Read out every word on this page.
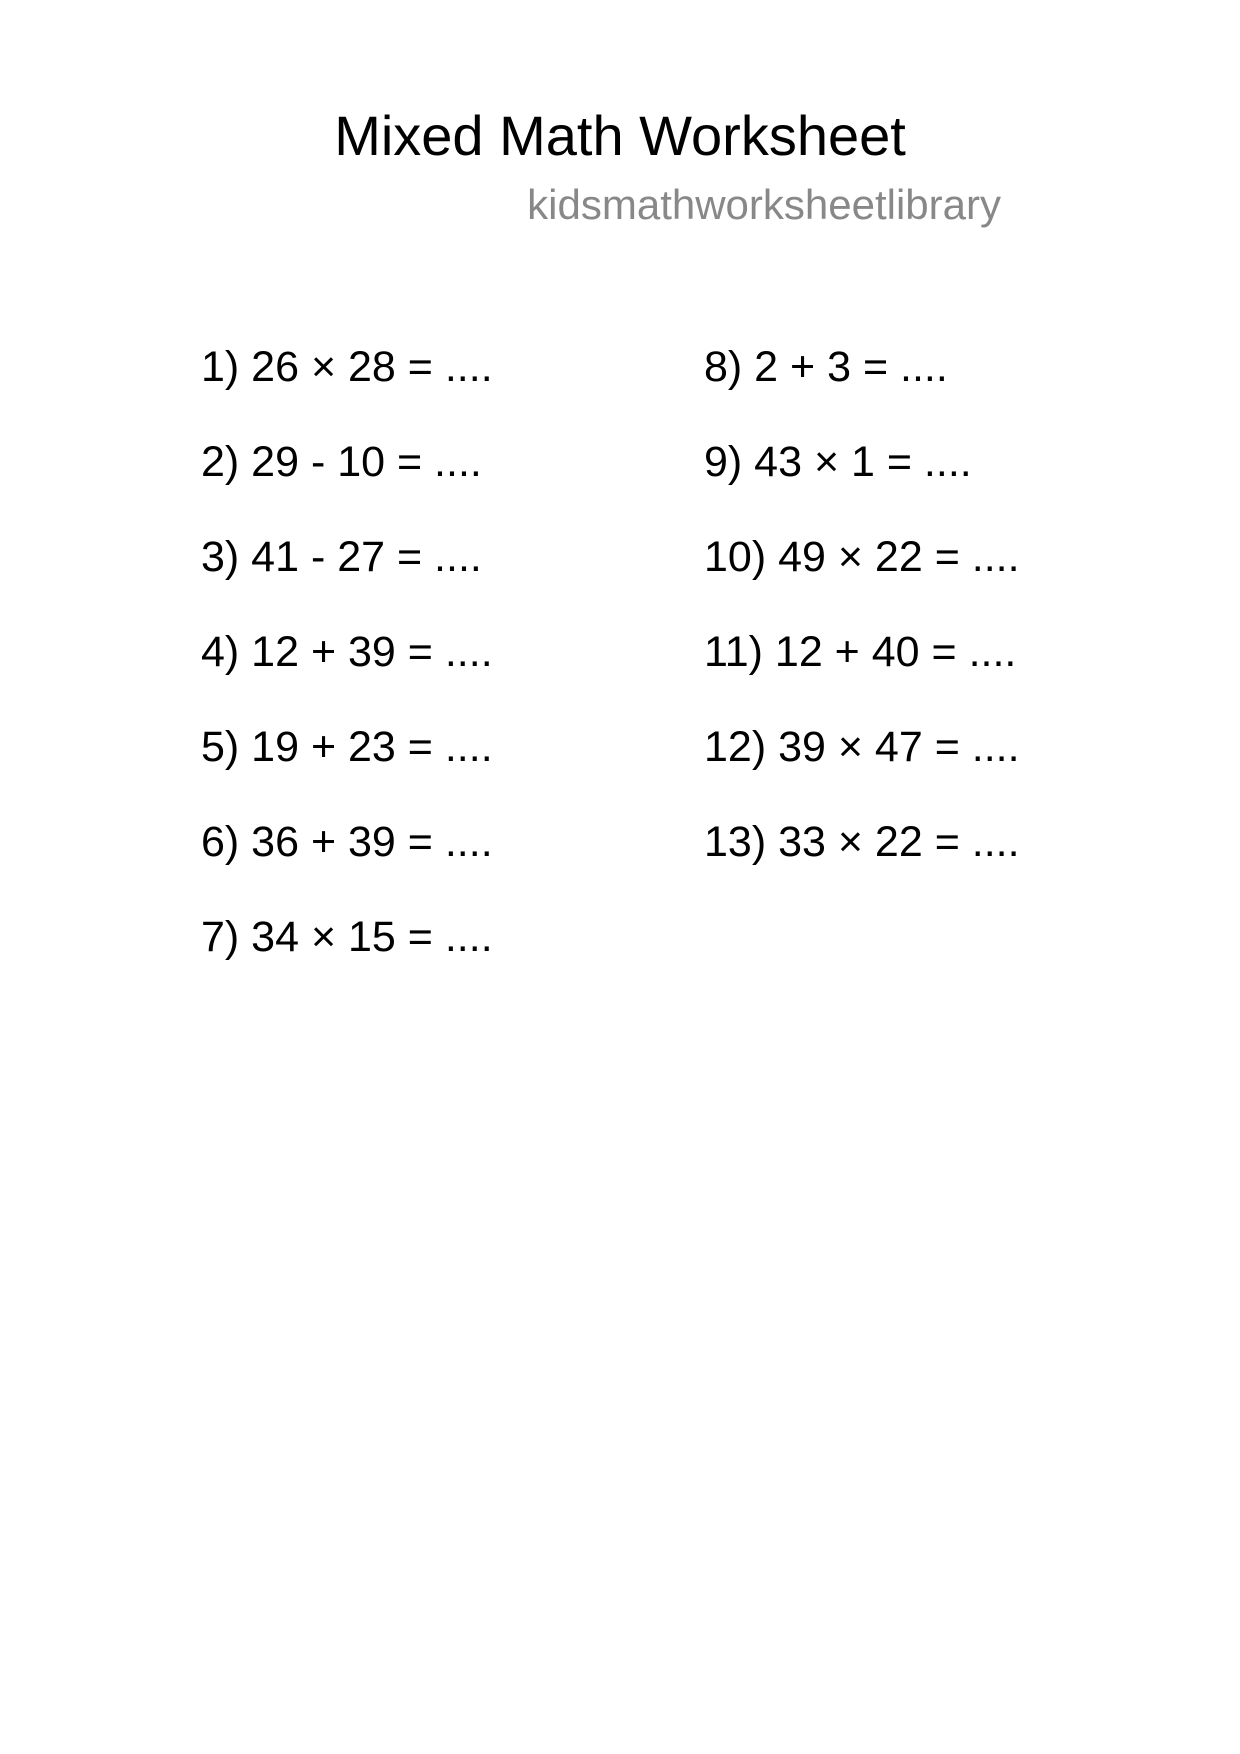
Mixed Math Worksheet
kidsmathworksheetlibrary
1) 26 × 28 = ....
2) 29 - 10 = ....
3) 41 - 27 = ....
4) 12 + 39 = ....
5) 19 + 23 = ....
6) 36 + 39 = ....
7) 34 × 15 = ....
8) 2 + 3 = ....
9) 43 × 1 = ....
10) 49 × 22 = ....
11) 12 + 40 = ....
12) 39 × 47 = ....
13) 33 × 22 = ....
